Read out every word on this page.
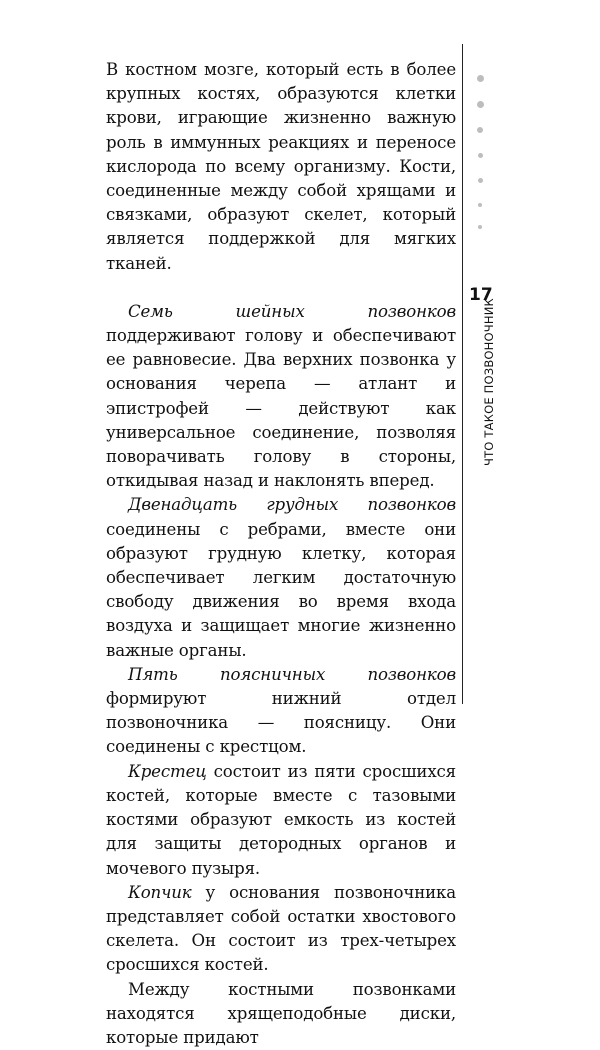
В костном мозге, который есть в более крупных костях, образуются клетки крови, играющие жизненно важную роль в иммунных реакциях и переносе кислорода по всему организму. Кости, соединенные между собой хрящами и связками, образуют скелет, который является поддержкой для мягких тканей.

Семь шейных позвонков поддерживают голову и обеспечивают ее равновесие. Два верхних позвонка у основания черепа — атлант и эпистрофей — действуют как универсальное соединение, позволяя поворачивать голову в стороны, откидывая назад и наклонять вперед.

Двенадцать грудных позвонков соединены с ребрами, вместе они образуют грудную клетку, которая обеспечивает легким достаточную свободу движения во время входа воздуха и защищает многие жизненно важные органы.

Пять поясничных позвонков формируют нижний отдел позвоночника — поясницу. Они соединены с крестцом.

Крестец состоит из пяти сросшихся костей, которые вместе с тазовыми костями образуют емкость из костей для защиты детородных органов и мочевого пузыря.

Копчик у основания позвоночника представляет собой остатки хвостового скелета. Он состоит из трех-четырех сросшихся костей.

Между костными позвонками находятся хрящеподобные диски, которые придают

17
ЧТО ТАКОЕ ПОЗВОНОЧНИК
